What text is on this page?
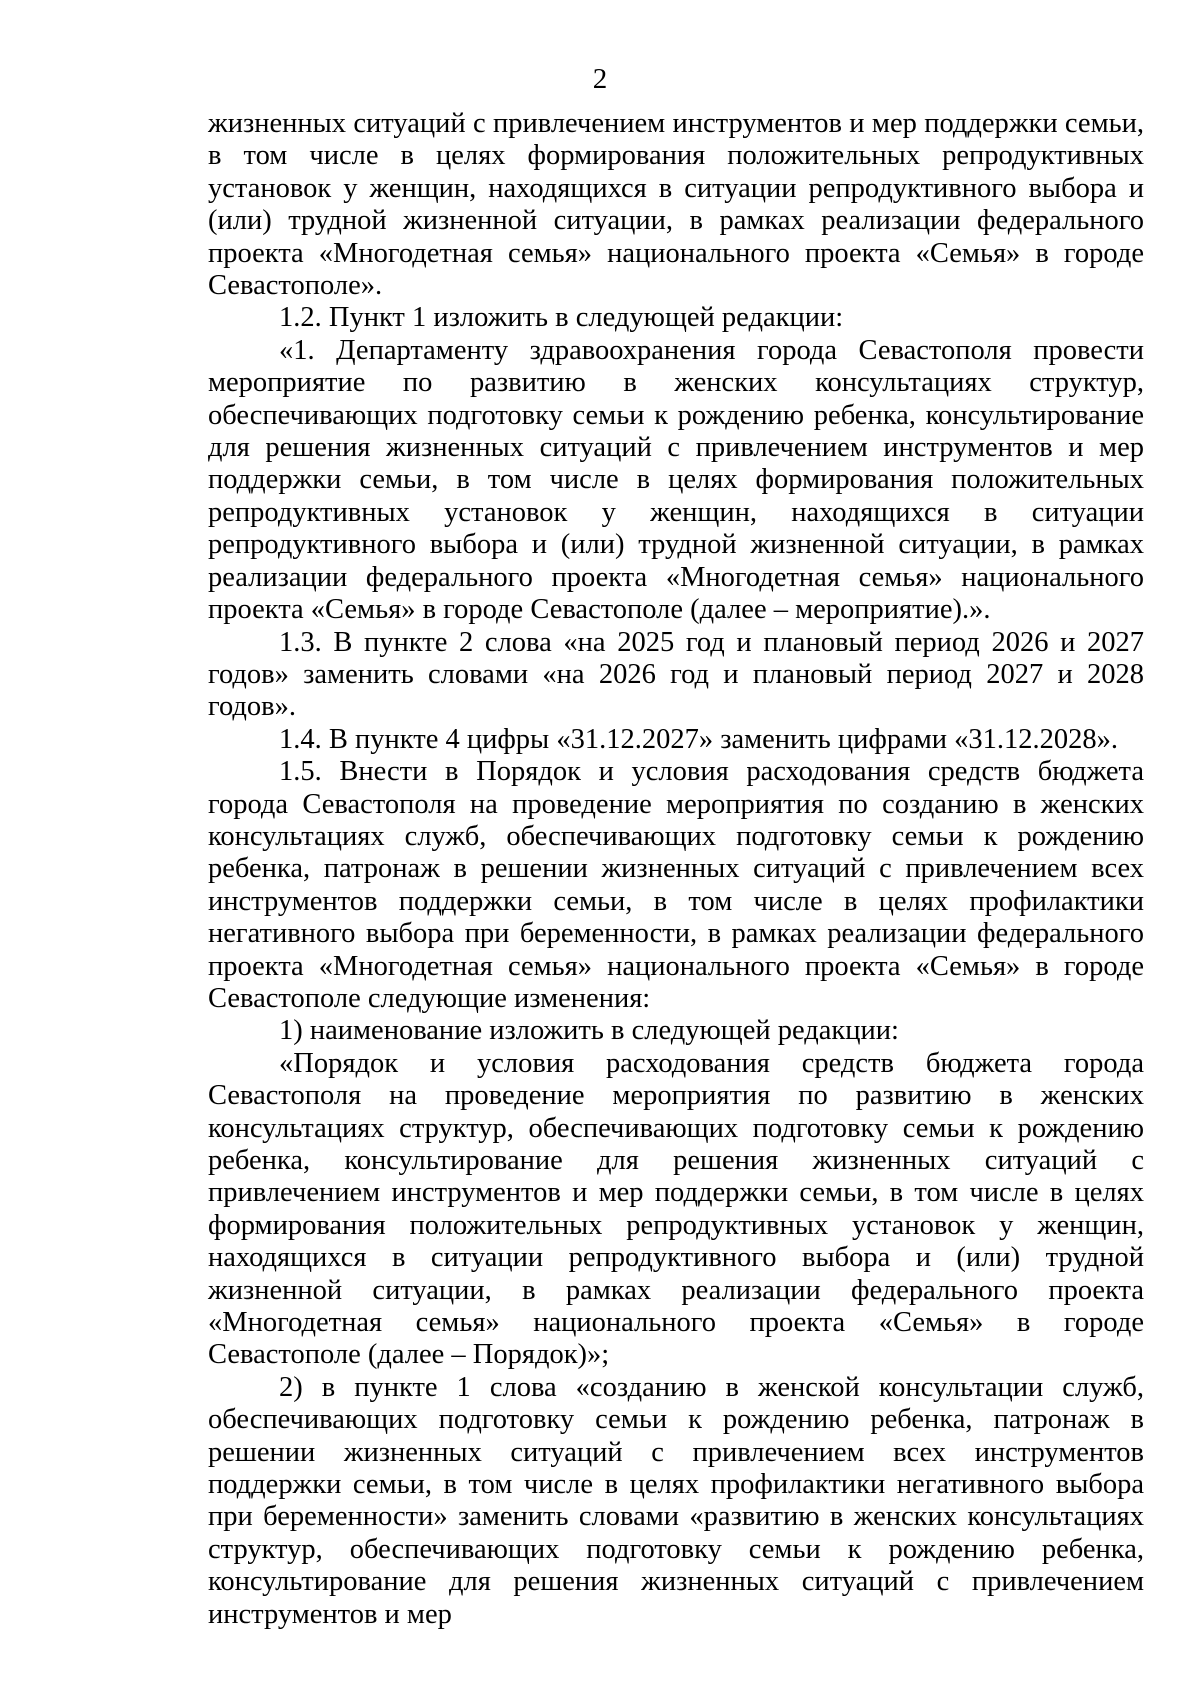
2

жизненных ситуаций с привлечением инструментов и мер поддержки семьи, в том числе в целях формирования положительных репродуктивных установок у женщин, находящихся в ситуации репродуктивного выбора и (или) трудной жизненной ситуации, в рамках реализации федерального проекта «Многодетная семья» национального проекта «Семья» в городе Севастополе».

1.2. Пункт 1 изложить в следующей редакции:

«1. Департаменту здравоохранения города Севастополя провести мероприятие по развитию в женских консультациях структур, обеспечивающих подготовку семьи к рождению ребенка, консультирование для решения жизненных ситуаций с привлечением инструментов и мер поддержки семьи, в том числе в целях формирования положительных репродуктивных установок у женщин, находящихся в ситуации репродуктивного выбора и (или) трудной жизненной ситуации, в рамках реализации федерального проекта «Многодетная семья» национального проекта «Семья» в городе Севастополе (далее – мероприятие).».

1.3. В пункте 2 слова «на 2025 год и плановый период 2026 и 2027 годов» заменить словами «на 2026 год и плановый период 2027 и 2028 годов».

1.4. В пункте 4 цифры «31.12.2027» заменить цифрами «31.12.2028».

1.5. Внести в Порядок и условия расходования средств бюджета города Севастополя на проведение мероприятия по созданию в женских консультациях служб, обеспечивающих подготовку семьи к рождению ребенка, патронаж в решении жизненных ситуаций с привлечением всех инструментов поддержки семьи, в том числе в целях профилактики негативного выбора при беременности, в рамках реализации федерального проекта «Многодетная семья» национального проекта «Семья» в городе Севастополе следующие изменения:

1) наименование изложить в следующей редакции:

«Порядок и условия расходования средств бюджета города Севастополя на проведение мероприятия по развитию в женских консультациях структур, обеспечивающих подготовку семьи к рождению ребенка, консультирование для решения жизненных ситуаций с привлечением инструментов и мер поддержки семьи, в том числе в целях формирования положительных репродуктивных установок у женщин, находящихся в ситуации репродуктивного выбора и (или) трудной жизненной ситуации, в рамках реализации федерального проекта «Многодетная семья» национального проекта «Семья» в городе Севастополе (далее – Порядок)»;

2) в пункте 1 слова «созданию в женской консультации служб, обеспечивающих подготовку семьи к рождению ребенка, патронаж в решении жизненных ситуаций с привлечением всех инструментов поддержки семьи, в том числе в целях профилактики негативного выбора при беременности» заменить словами «развитию в женских консультациях структур, обеспечивающих подготовку семьи к рождению ребенка, консультирование для решения жизненных ситуаций с привлечением инструментов и мер
